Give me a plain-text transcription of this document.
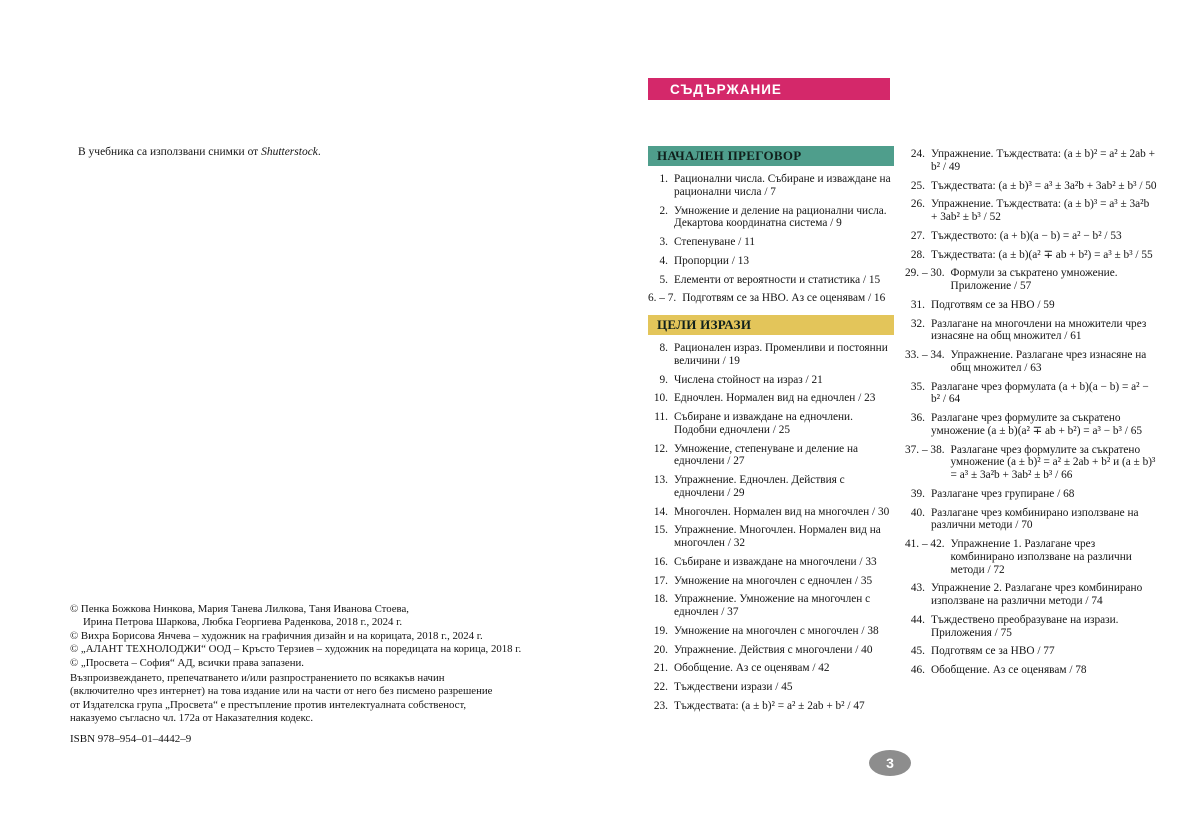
СЪДЪРЖАНИЕ
В учебника са използвани снимки от Shutterstock.
© Пенка Божкова Нинкова, Мария Танева Лилкова, Таня Иванова Стоева,
Ирина Петрова Шаркова, Любка Георгиева Раденкова, 2018 г., 2024 г.
© Вихра Борисова Янчева – художник на графичния дизайн и на корицата, 2018 г., 2024 г.
© „АЛАНТ ТЕХНОЛОДЖИ“ ООД – Кръсто Терзиев – художник на поредицата на корица, 2018 г.
© „Просвета – София“ АД, всички права запазени.
Възпроизвеждането, препечатването и/или разпространението по всякакъв начин
(включително чрез интернет) на това издание или на части от него без писмено разрешение
от Издателска група „Просвета“ е престъпление против интелектуалната собственост,
наказуемо съгласно чл. 172а от Наказателния кодекс.
ISBN 978–954–01–4442–9
НАЧАЛЕН ПРЕГОВОР
1. Рационални числа. Събиране и изваждане на рационални числа / 7
2. Умножение и деление на рационални числа. Декартова координатна система / 9
3. Степенуване / 11
4. Пропорции / 13
5. Елементи от вероятности и статистика / 15
6. – 7. Подготвям се за НВО. Аз се оценявам / 16
ЦЕЛИ ИЗРАЗИ
8. Рационален израз. Променливи и постоянни величини / 19
9. Числена стойност на израз / 21
10. Едночлен. Нормален вид на едночлен / 23
11. Събиране и изваждане на едночлени. Подобни едночлени / 25
12. Умножение, степенуване и деление на едночлени / 27
13. Упражнение. Едночлен. Действия с едночлени / 29
14. Многочлен. Нормален вид на многочлен / 30
15. Упражнение. Многочлен. Нормален вид на многочлен / 32
16. Събиране и изваждане на многочлени / 33
17. Умножение на многочлен с едночлен / 35
18. Упражнение. Умножение на многочлен с едночлен / 37
19. Умножение на многочлен с многочлен / 38
20. Упражнение. Действия с многочлени / 40
21. Обобщение. Аз се оценявам / 42
22. Тъждествени изрази / 45
23. Тъждествата: (a ± b)² = a² ± 2ab + b² / 47
24. Упражнение. Тъждествата: (a ± b)² = a² ± 2ab + b² / 49
25. Тъждествата: (a ± b)³ = a³ ± 3a²b + 3ab² ± b³ / 50
26. Упражнение. Тъждествата: (a ± b)³ = a³ ± 3a²b + 3ab² ± b³ / 52
27. Тъждеството: (a + b)(a − b) = a² − b² / 53
28. Тъждествата: (a ± b)(a² ∓ ab + b²) = a³ ± b³ / 55
29. – 30. Формули за съкратено умножение. Приложение / 57
31. Подготвям се за НВО / 59
32. Разлагане на многочлени на множители чрез изнасяне на общ множител / 61
33. – 34. Упражнение. Разлагане чрез изнасяне на общ множител / 63
35. Разлагане чрез формулата (a + b)(a − b) = a² − b² / 64
36. Разлагане чрез формулите за съкратено умножение (a ± b)(a² ∓ ab + b²) = a³ − b³ / 65
37. – 38. Разлагане чрез формулите за съкратено умножение (a ± b)² = a² ± 2ab + b² и (a ± b)³ = a³ ± 3a²b + 3ab² ± b³ / 66
39. Разлагане чрез групиране / 68
40. Разлагане чрез комбинирано използване на различни методи / 70
41. – 42. Упражнение 1. Разлагане чрез комбинирано използване на различни методи / 72
43. Упражнение 2. Разлагане чрез комбинирано използване на различни методи / 74
44. Тъждествено преобразуване на изрази. Приложения / 75
45. Подготвям се за НВО / 77
46. Обобщение. Аз се оценявам / 78
3
